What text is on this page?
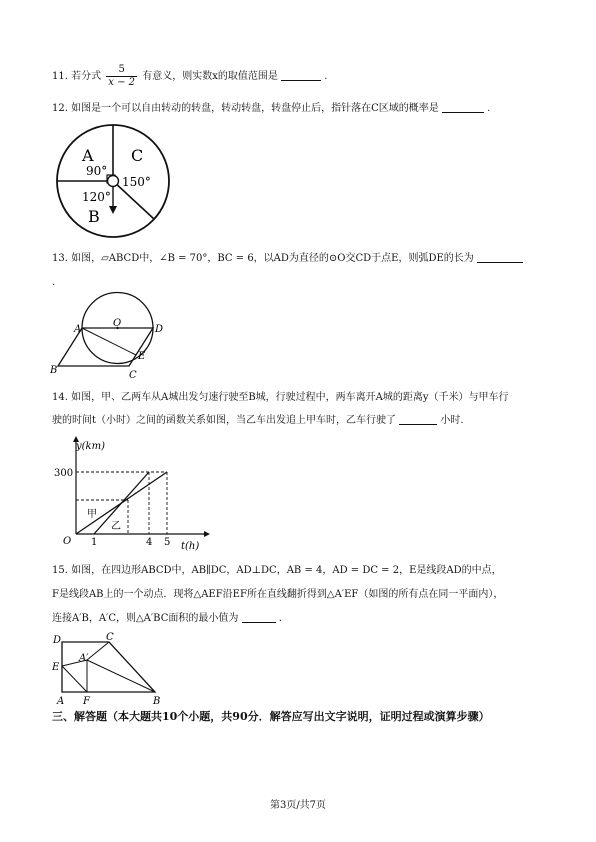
11. 若分式 $\frac{5}{x - 2}$ 有意义，则实数x的取值范围是	.
12. 如图是一个可以自由转动的转盘，转动转盘，转盘停止后，指针落在C区域的概率是	.
A C
B
90°
150°
120°
13. 如图，▱ABCD中，∠B = 70°，BC = 6，以AD为直径的⊙O交CD于点E，则弧DE的长为
.
A
B	C
D
E
O
14. 如图，甲、乙两车从A城出发匀速行驶至B城，行驶过程中，两车离开A城的距离y（千米）与甲车行
驶的时间t（小时）之间的函数关系如图，当乙车出发追上甲车时，乙车行驶了	小时.
y(km)
t(h)
O
300
1	4 5
甲
乙
15. 如图，在四边形ABCD中，AB∥DC，AD⊥DC，AB = 4，AD = DC = 2，E是线段AD的中点，
F是线段AB上的一个动点．现将△AEF沿EF所在直线翻折得到△A′EF（如图的所有点在同一平面内），
连接A′B，A′C，则△A′BC面积的最小值为	.
D	C
E
A′
A F	B
三、解答题（本大题共10个小题，共90分．解答应写出文字说明，证明过程或演算步骤）
第3页/共7页
